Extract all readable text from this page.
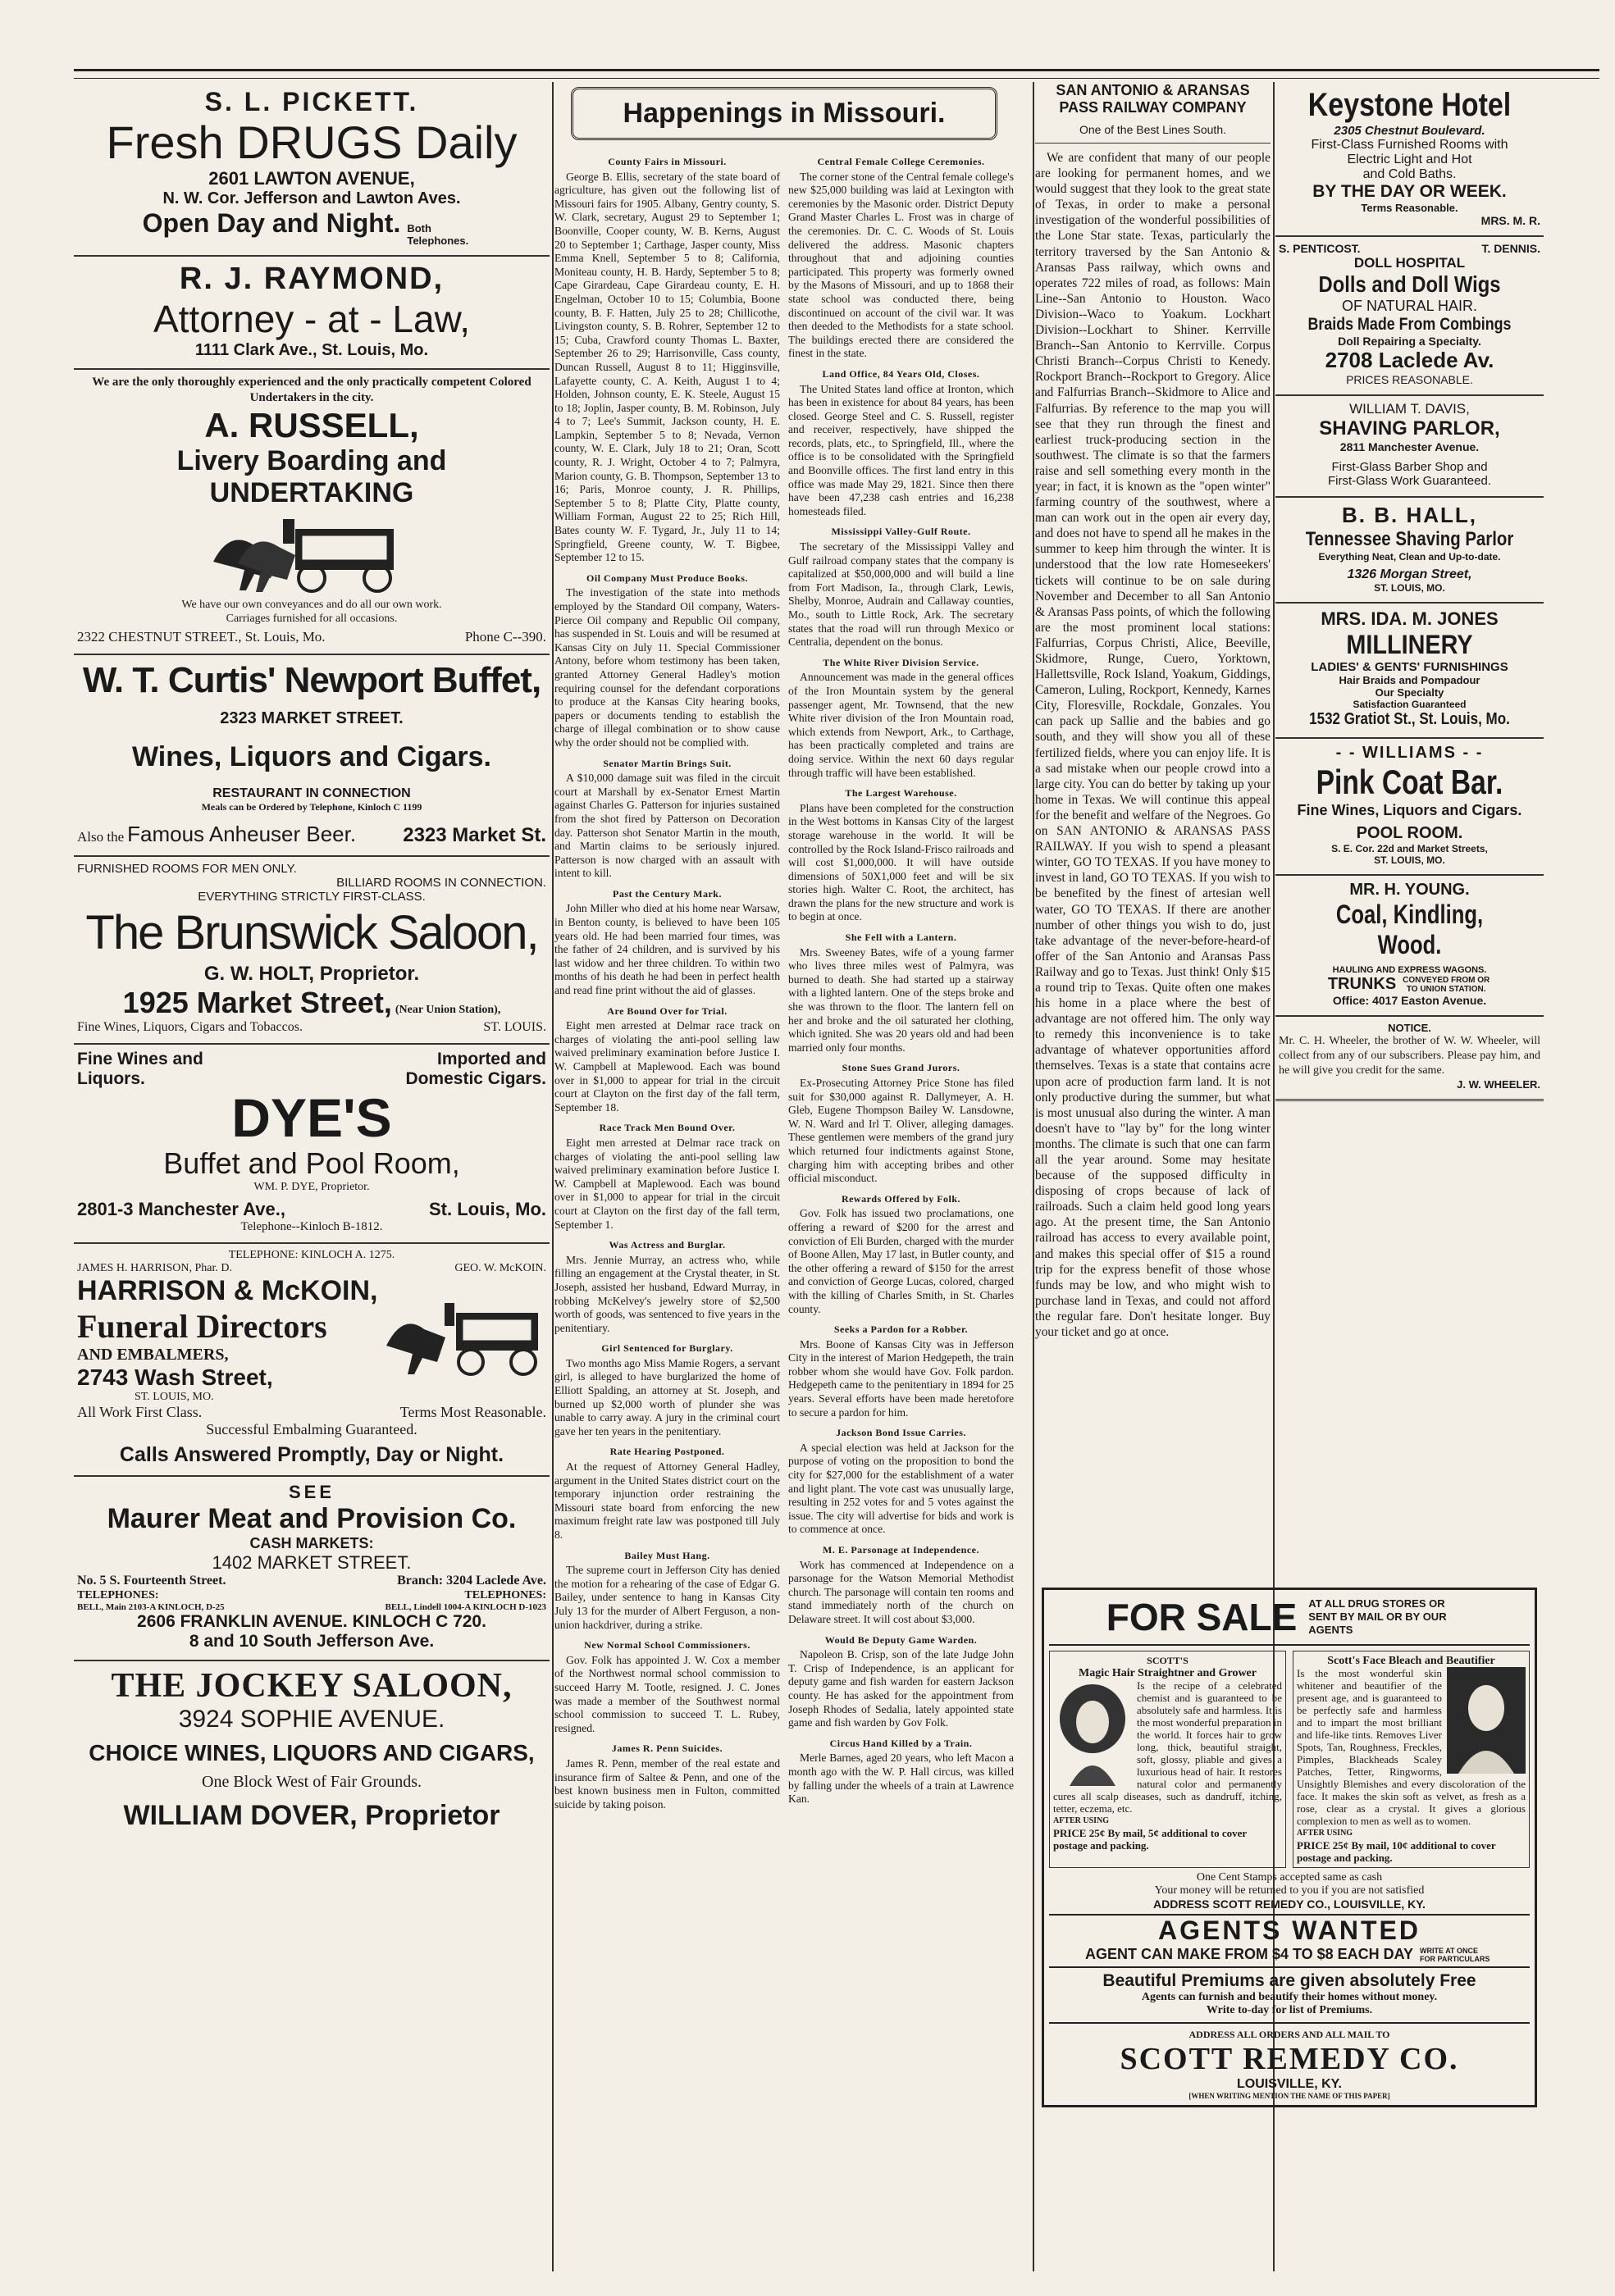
S. L. PICKETT.
Fresh DRUGS Daily
2601 LAWTON AVENUE,
N. W. Cor. Jefferson and Lawton Aves.
Open Day and Night. Both Telephones.
R. J. RAYMOND,
Attorney - at - Law,
1111 Clark Ave., St. Louis, Mo.
We are the only thoroughly experienced and the only practically competent Colored Undertakers in the city.
A. RUSSELL,
Livery Boarding and UNDERTAKING
We have our own conveyances and do all our own work.
Carriages furnished for all occasions.
2322 CHESTNUT STREET., St. Louis, Mo.	Phone C--390.
W. T. Curtis' Newport Buffet,
2323 MARKET STREET.
Wines, Liquors and Cigars.
RESTAURANT IN CONNECTION
Meals can be Ordered by Telephone, Kinloch C 1199
Also the Famous Anheuser Beer. 2323 Market St.
FURNISHED ROOMS FOR MEN ONLY.
BILLIARD ROOMS IN CONNECTION.
EVERYTHING STRICTLY FIRST-CLASS.
The Brunswick Saloon,
G. W. HOLT, Proprietor.
1925 Market Street, (Near Union Station),
Fine Wines, Liquors, Cigars and Tobaccos.	ST. LOUIS.
Fine Wines and Liquors.
Imported and Domestic Cigars.
DYE'S
Buffet and Pool Room,
WM. P. DYE, Proprietor.
2801-3 Manchester Ave.,	St. Louis, Mo.
Telephone--Kinloch B-1812.
TELEPHONE: KINLOCH A. 1275.
JAMES H. HARRISON, Phar. D.	GEO. W. McKOIN.
HARRISON & McKOIN,
Funeral Directors
AND EMBALMERS,
2743 Wash Street,
ST. LOUIS, MO.
All Work First Class.	Terms Most Reasonable.
Successful Embalming Guaranteed.
Calls Answered Promptly, Day or Night.
SEE
Maurer Meat and Provision Co.
CASH MARKETS:
1402 MARKET STREET.
No. 5 S. Fourteenth Street.	Branch: 3204 Laclede Ave.
TELEPHONES:	TELEPHONES:
BELL, Main 2103-A KINLOCH, D-25	BELL, Lindell 1004-A KINLOCH D-1023
2606 FRANKLIN AVENUE. KINLOCH C 720.
8 and 10 South Jefferson Ave.
THE JOCKEY SALOON,
3924 SOPHIE AVENUE.
CHOICE WINES, LIQUORS AND CIGARS,
One Block West of Fair Grounds.
WILLIAM DOVER, Proprietor
Happenings in Missouri.
County Fairs in Missouri.

George B. Ellis, secretary of the state board of agriculture, has given out the following list of Missouri fairs for 1905. Albany, Gentry county, S. W. Clark, secretary, August 29 to September 1; Boonville, Cooper county, W. B. Kerns, August 20 to September 1; Carthage, Jasper county, Miss Emma Knell, September 5 to 8; California, Moniteau county, H. B. Hardy, September 5 to 8; Cape Girardeau, Cape Girardeau county, E. H. Engelman, October 10 to 15; Columbia, Boone county, B. F. Hatten, July 25 to 28; Chillicothe, Livingston county, S. B. Rohrer, September 12 to 15; Cuba, Crawford county Thomas L. Baxter, September 26 to 29; Harrisonville, Cass county, Duncan Russell, August 8 to 11; Higginsville, Lafayette county, C. A. Keith, August 1 to 4; Holden, Johnson county, E. K. Steele, August 15 to 18; Joplin, Jasper county, B. M. Robinson, July 4 to 7; Lee's Summit, Jackson county, H. E. Lampkin, September 5 to 8; Nevada, Vernon county, W. E. Clark, July 18 to 21; Oran, Scott county, R. J. Wright, October 4 to 7; Palmyra, Marion county, G. B. Thompson, September 13 to 16; Paris, Monroe county, J. R. Phillips, September 5 to 8; Platte City, Platte county, William Forman, August 22 to 25; Rich Hill, Bates county W. F. Tygard, Jr., July 11 to 14; Springfield, Greene county, W. T. Bigbee, September 12 to 15.

Oil Company Must Produce Books.

The investigation of the state into methods employed by the Standard Oil company, Waters-Pierce Oil company and Republic Oil company, has suspended in St. Louis and will be resumed at Kansas City on July 11. Special Commissioner Antony, before whom testimony has been taken, granted Attorney General Hadley's motion requiring counsel for the defendant corporations to produce at the Kansas City hearing books, papers or documents tending to establish the charge of illegal combination or to show cause why the order should not be complied with.

Senator Martin Brings Suit.

A $10,000 damage suit was filed in the circuit court at Marshall by ex-Senator Ernest Martin against Charles G. Patterson for injuries sustained from the shot fired by Patterson on Decoration day. Patterson shot Senator Martin in the mouth, and Martin claims to be seriously injured. Patterson is now charged with an assault with intent to kill.

Past the Century Mark.

John Miller who died at his home near Warsaw, in Benton county, is believed to have been 105 years old. He had been married four times, was the father of 24 children, and is survived by his last widow and her three children. To within two months of his death he had been in perfect health and read fine print without the aid of glasses.

Are Bound Over for Trial.

Eight men arrested at Delmar race track on charges of violating the anti-pool selling law waived preliminary examination before Justice I. W. Campbell at Maplewood. Each was bound over in $1,000 to appear for trial in the circuit court at Clayton on the first day of the fall term, September 18.

Race Track Men Bound Over.

Eight men arrested at Delmar race track on charges of violating the anti-pool selling law waived preliminary examination before Justice I. W. Campbell at Maplewood. Each was bound over in $1,000 to appear for trial in the circuit court at Clayton on the first day of the fall term, September 1.

Was Actress and Burglar.

Mrs. Jennie Murray, an actress who, while filling an engagement at the Crystal theater, in St. Joseph, assisted her husband, Edward Murray, in robbing McKelvey's jewelry store of $2,500 worth of goods, was sentenced to five years in the penitentiary.

Girl Sentenced for Burglary.

Two months ago Miss Mamie Rogers, a servant girl, is alleged to have burglarized the home of Elliott Spalding, an attorney at St. Joseph, and burned up $2,000 worth of plunder she was unable to carry away. A jury in the criminal court gave her ten years in the penitentiary.

Rate Hearing Postponed.

At the request of Attorney General Hadley, argument in the United States district court on the temporary injunction order restraining the Missouri state board from enforcing the new maximum freight rate law was postponed till July 8.

Bailey Must Hang.

The supreme court in Jefferson City has denied the motion for a rehearing of the case of Edgar G. Bailey, under sentence to hang in Kansas City July 13 for the murder of Albert Ferguson, a non-union hackdriver, during a strike.

New Normal School Commissioners.

Gov. Folk has appointed J. W. Cox a member of the Northwest normal school commission to succeed Harry M. Tootle, resigned. J. C. Jones was made a member of the Southwest normal school commission to succeed T. L. Rubey, resigned.

James R. Penn Suicides.

James R. Penn, member of the real estate and insurance firm of Saltee & Penn, and one of the best known business men in Fulton, committed suicide by taking poison.

Central Female College Ceremonies.

The corner stone of the Central female college's new $25,000 building was laid at Lexington with ceremonies by the Masonic order. District Deputy Grand Master Charles L. Frost was in charge of the ceremonies. Dr. C. C. Woods of St. Louis delivered the address. Masonic chapters throughout that and adjoining counties participated. This property was formerly owned by the Masons of Missouri, and up to 1868 their state school was conducted there, being discontinued on account of the civil war. It was then deeded to the Methodists for a state school. The buildings erected there are considered the finest in the state.

Land Office, 84 Years Old, Closes.

The United States land office at Ironton, which has been in existence for about 84 years, has been closed. George Steel and C. S. Russell, register and receiver, respectively, have shipped the records, plats, etc., to Springfield, Ill., where the office is to be consolidated with the Springfield and Boonville offices. The first land entry in this office was made May 29, 1821. Since then there have been 47,238 cash entries and 16,238 homesteads filed.

Mississippi Valley-Gulf Route.

The secretary of the Mississippi Valley and Gulf railroad company states that the company is capitalized at $50,000,000 and will build a line from Fort Madison, Ia., through Clark, Lewis, Shelby, Monroe, Audrain and Callaway counties, Mo., south to Little Rock, Ark. The secretary states that the road will run through Mexico or Centralia, dependent on the bonus.

The White River Division Service.

Announcement was made in the general offices of the Iron Mountain system by the general passenger agent, Mr. Townsend, that the new White river division of the Iron Mountain road, which extends from Newport, Ark., to Carthage, has been practically completed and trains are doing service. Within the next 60 days regular through traffic will have been established.

The Largest Warehouse.

Plans have been completed for the construction in the West bottoms in Kansas City of the largest storage warehouse in the world. It will be controlled by the Rock Island-Frisco railroads and will cost $1,000,000. It will have outside dimensions of 50X1,000 feet and will be six stories high. Walter C. Root, the architect, has drawn the plans for the new structure and work is to begin at once.

She Fell with a Lantern.

Mrs. Sweeney Bates, wife of a young farmer who lives three miles west of Palmyra, was burned to death. She had started up a stairway with a lighted lantern. One of the steps broke and she was thrown to the floor. The lantern fell on her and broke and the oil saturated her clothing, which ignited. She was 20 years old and had been married only four months.

Stone Sues Grand Jurors.

Ex-Prosecuting Attorney Price Stone has filed suit for $30,000 against R. Dallymeyer, A. H. Gleb, Eugene Thompson Bailey W. Lansdowne, W. N. Ward and Irl T. Oliver, alleging damages. These gentlemen were members of the grand jury which returned four indictments against Stone, charging him with accepting bribes and other official misconduct.

Rewards Offered by Folk.

Gov. Folk has issued two proclamations, one offering a reward of $200 for the arrest and conviction of Eli Burden, charged with the murder of Boone Allen, May 17 last, in Butler county, and the other offering a reward of $150 for the arrest and conviction of George Lucas, colored, charged with the killing of Charles Smith, in St. Charles county.

Seeks a Pardon for a Robber.

Mrs. Boone of Kansas City was in Jefferson City in the interest of Marion Hedgepeth, the train robber whom she would have Gov. Folk pardon. Hedgepeth came to the penitentiary in 1894 for 25 years. Several efforts have been made heretofore to secure a pardon for him.

Jackson Bond Issue Carries.

A special election was held at Jackson for the purpose of voting on the proposition to bond the city for $27,000 for the establishment of a water and light plant. The vote cast was unusually large, resulting in 252 votes for and 5 votes against the issue. The city will advertise for bids and work is to commence at once.

M. E. Parsonage at Independence.

Work has commenced at Independence on a parsonage for the Watson Memorial Methodist church. The parsonage will contain ten rooms and stand immediately north of the church on Delaware street. It will cost about $3,000.

Would Be Deputy Game Warden.

Napoleon B. Crisp, son of the late Judge John T. Crisp of Independence, is an applicant for deputy game and fish warden for eastern Jackson county. He has asked for the appointment from Joseph Rhodes of Sedalia, lately appointed state game and fish warden by Gov Folk.

Circus Hand Killed by a Train.

Merle Barnes, aged 20 years, who left Macon a month ago with the W. P. Hall circus, was killed by falling under the wheels of a train at Lawrence Kan.

SAN ANTONIO & ARANSAS PASS RAILWAY COMPANY
One of the Best Lines South.

We are confident that many of our people are looking for permanent homes, and we would suggest that they look to the great state of Texas, in order to make a personal investigation of the wonderful possibilities of the Lone Star state. Texas, particularly the territory traversed by the San Antonio & Aransas Pass railway, which owns and operates 722 miles of road, as follows: Main Line--San Antonio to Houston. Waco Division--Waco to Yoakum. Lockhart Division--Lockhart to Shiner. Kerrville Branch--San Antonio to Kerrville. Corpus Christi Branch--Corpus Christi to Kenedy. Rockport Branch--Rockport to Gregory. Alice and Falfurrias Branch--Skidmore to Alice and Falfurrias. By reference to the map you will see that they run through the finest and earliest truck-producing section in the southwest. The climate is so that the farmers raise and sell something every month in the year; in fact, it is known as the "open winter" farming country of the southwest, where a man can work out in the open air every day, and does not have to spend all he makes in the summer to keep him through the winter. It is understood that the low rate Homeseekers' tickets will continue to be on sale during November and December to all San Antonio & Aransas Pass points, of which the following are the most prominent local stations: Falfurrias, Corpus Christi, Alice, Beeville, Skidmore, Runge, Cuero, Yorktown, Hallettsville, Rock Island, Yoakum, Giddings, Cameron, Luling, Rockport, Kennedy, Karnes City, Floresville, Rockdale, Gonzales. You can pack up Sallie and the babies and go south, and they will show you all of these fertilized fields, where you can enjoy life. It is a sad mistake when our people crowd into a large city. You can do better by taking up your home in Texas. We will continue this appeal for the benefit and welfare of the Negroes. Go on SAN ANTONIO & ARANSAS PASS RAILWAY. If you wish to spend a pleasant winter, GO TO TEXAS. If you have money to invest in land, GO TO TEXAS. If you wish to be benefited by the finest of artesian well water, GO TO TEXAS. If there are another number of other things you wish to do, just take advantage of the never-before-heard-of offer of the San Antonio and Aransas Pass Railway and go to Texas. Just think! Only $15 a round trip to Texas. Quite often one makes his home in a place where the best of advantage are not offered him. The only way to remedy this inconvenience is to take advantage of whatever opportunities afford themselves. Texas is a state that contains acre upon acre of production farm land. It is not only productive during the summer, but what is most unusual also during the winter. A man doesn't have to "lay by" for the long winter months. The climate is such that one can farm all the year around. Some may hesitate because of the supposed difficulty in disposing of crops because of lack of railroads. Such a claim held good long years ago. At the present time, the San Antonio railroad has access to every available point, and makes this special offer of $15 a round trip for the express benefit of those whose funds may be low, and who might wish to purchase land in Texas, and could not afford the regular fare. Don't hesitate longer. Buy your ticket and go at once.

Keystone Hotel
2305 Chestnut Boulevard.
First-Class Furnished Rooms with
Electric Light and Hot
and Cold Baths.
BY THE DAY OR WEEK.
Terms Reasonable.
MRS. M. R.
S. PENTICOST.	T. DENNIS.
DOLL HOSPITAL
Dolls and Doll Wigs
OF NATURAL HAIR.
Braids Made From Combings
Doll Repairing a Specialty.
2708 Laclede Av.
PRICES REASONABLE.
WILLIAM T. DAVIS,
SHAVING PARLOR,
2811 Manchester Avenue.
First-Glass Barber Shop and
First-Glass Work Guaranteed.
B. B. HALL,
Tennessee Shaving Parlor
Everything Neat, Clean and Up-to-date.
1326 Morgan Street,
ST. LOUIS, MO.
MRS. IDA. M. JONES
MILLINERY
LADIES' & GENTS' FURNISHINGS
Hair Braids and Pompadour
Our Specialty
Satisfaction Guaranteed
1532 Gratiot St., St. Louis, Mo.
- - WILLIAMS - -
Pink Coat Bar.
Fine Wines, Liquors and Cigars.
POOL ROOM.
S. E. Cor. 22d and Market Streets,
ST. LOUIS, MO.
MR. H. YOUNG.
Coal, Kindling, Wood.
HAULING AND EXPRESS WAGONS.
TRUNKS CONVEYED FROM OR TO UNION STATION.
Office: 4017 Easton Avenue.
NOTICE.
Mr. C. H. Wheeler, the brother of W. W. Wheeler, will collect from any of our subscribers. Please pay him, and he will give you credit for the same.
J. W. WHEELER.
FOR SALE AT ALL DRUG STORES OR SENT BY MAIL OR BY OUR AGENTS
SCOTT'S
Magic Hair Straightner and Grower
Is the recipe of a celebrated chemist and is guaranteed to be absolutely safe and harmless. It is the most wonderful preparation in the world. It forces hair to grow long, thick, beautiful straight, soft, glossy, pliable and gives a luxurious head of hair. It restores natural color and permanently cures all scalp diseases, such as dandruff, itching, tetter, eczema, etc.
AFTER USING
PRICE 25¢ By mail, 5¢ additional to cover postage and packing.
Scott's Face Bleach and Beautifier
Is the most wonderful skin whitener and beautifier of the present age, and is guaranteed to be perfectly safe and harmless and to impart the most brilliant and life-like tints. Removes Liver Spots, Tan, Roughness, Freckles, Pimples, Blackheads Scaley Patches, Tetter, Ringworms, Unsightly Blemishes and every discoloration of the face. It makes the skin soft as velvet, as fresh as a rose, clear as a crystal. It gives a glorious complexion to men as well as to women.
AFTER USING
PRICE 25¢ By mail, 10¢ additional to cover postage and packing.
One Cent Stamps accepted same as cash
Your money will be returned to you if you are not satisfied
ADDRESS SCOTT REMEDY CO., LOUISVILLE, KY.
AGENTS WANTED
AGENT CAN MAKE FROM $4 TO $8 EACH DAY WRITE AT ONCE FOR PARTICULARS
Beautiful Premiums are given absolutely Free
Agents can furnish and beautify their homes without money.
Write to-day for list of Premiums.
ADDRESS ALL ORDERS AND ALL MAIL TO
SCOTT REMEDY CO.
LOUISVILLE, KY.
[WHEN WRITING MENTION THE NAME OF THIS PAPER]
